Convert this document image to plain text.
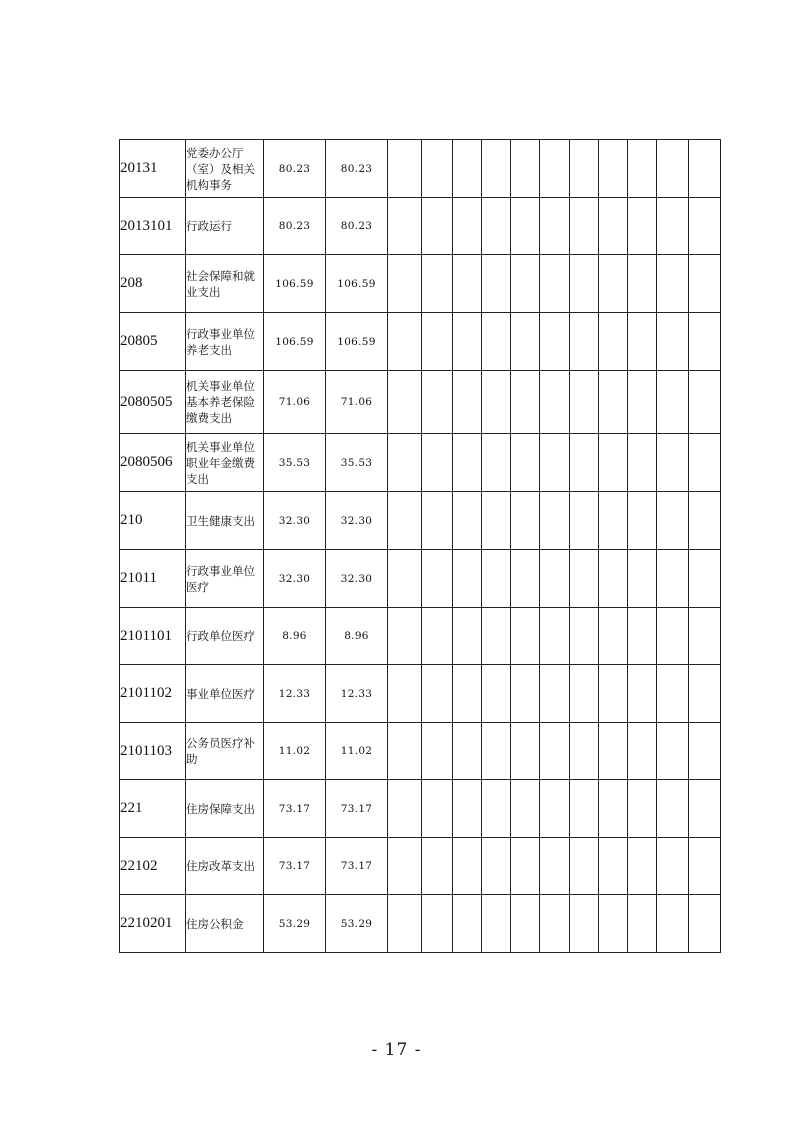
20131	党委办公厅（室）及相关机构事务	80.23	80.23											
2013101	行政运行	80.23	80.23											
208	社会保障和就业支出	106.59	106.59											
20805	行政事业单位养老支出	106.59	106.59											
2080505	机关事业单位基本养老保险缴费支出	71.06	71.06											
2080506	机关事业单位职业年金缴费支出	35.53	35.53											
210	卫生健康支出	32.30	32.30											
21011	行政事业单位医疗	32.30	32.30											
2101101	行政单位医疗	8.96	8.96											
2101102	事业单位医疗	12.33	12.33											
2101103	公务员医疗补助	11.02	11.02											
221	住房保障支出	73.17	73.17											
22102	住房改革支出	73.17	73.17											
2210201	住房公积金	53.29	53.29											
- 17 -
